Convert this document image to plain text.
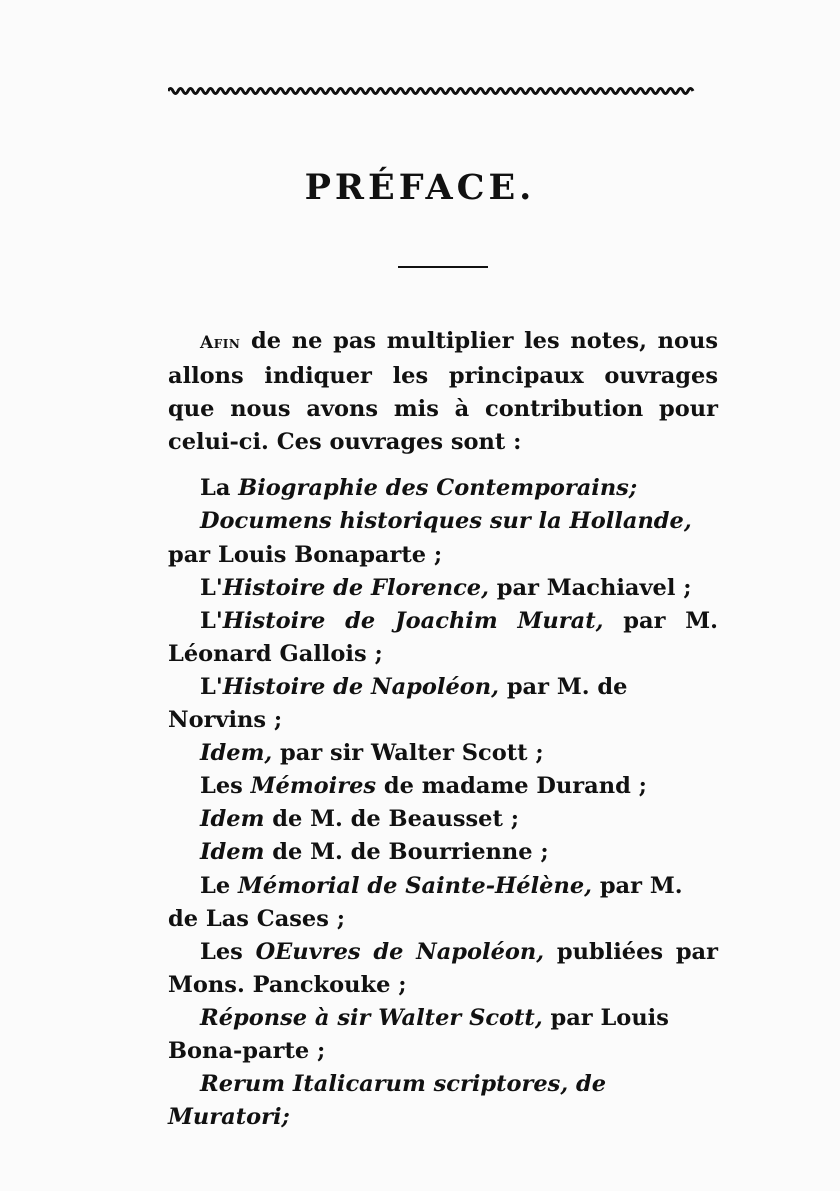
PRÉFACE.

Afin de ne pas multiplier les notes, nous allons indiquer les principaux ouvrages que nous avons mis à contribution pour celui-ci. Ces ouvrages sont :

La Biographie des Contemporains;

Documens historiques sur la Hollande, par Louis Bonaparte ;

L'Histoire de Florence, par Machiavel ;

L'Histoire de Joachim Murat, par M. Léonard Gallois ;

L'Histoire de Napoléon, par M. de Norvins ;

Idem, par sir Walter Scott ;

Les Mémoires de madame Durand ;

Idem de M. de Beausset ;

Idem de M. de Bourrienne ;

Le Mémorial de Sainte-Hélène, par M. de Las Cases ;

Les OEuvres de Napoléon, publiées par Mons. Panckouke ;

Réponse à sir Walter Scott, par Louis Bona-parte ;

Rerum Italicarum scriptores, de Muratori;
